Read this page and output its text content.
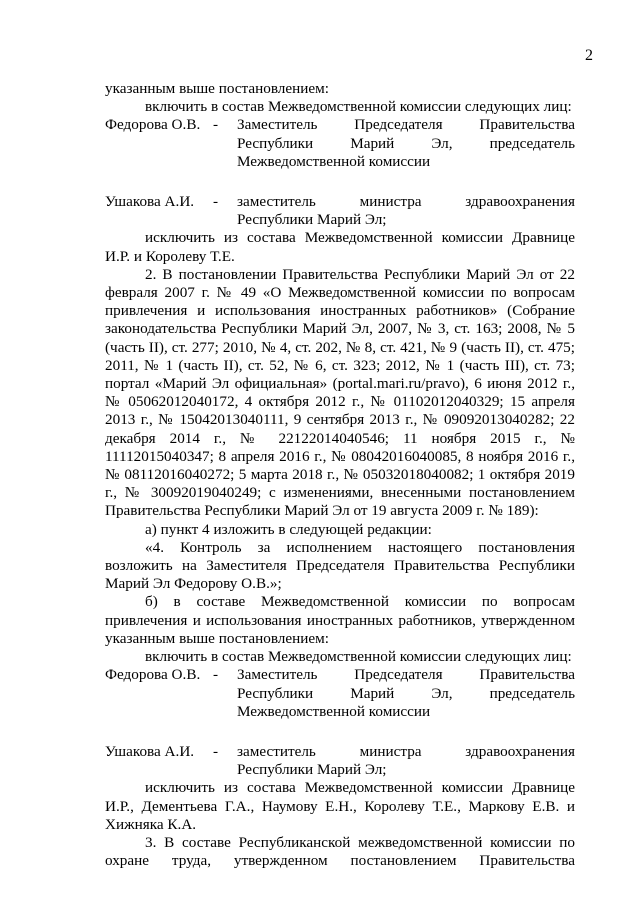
2

указанным выше постановлением:

включить в состав Межведомственной комиссии следующих лиц:

Федорова О.В. -	Заместитель Председателя Правительства Республики Марий Эл, председатель Межведомственной комиссии
Ушакова А.И.	-	заместитель министра здравоохранения Республики Марий Эл;

исключить из состава Межведомственной комиссии Дравнице И.Р. и Королеву Т.Е.

2. В постановлении Правительства Республики Марий Эл от 22 февраля 2007 г. № 49 «О Межведомственной комиссии по вопросам привлечения и использования иностранных работников» (Собрание законодательства Республики Марий Эл, 2007, № 3, ст. 163; 2008, № 5 (часть II), ст. 277; 2010, № 4, ст. 202, № 8, ст. 421, № 9 (часть II), ст. 475; 2011, № 1 (часть II), ст. 52, № 6, ст. 323; 2012, № 1 (часть III), ст. 73; портал «Марий Эл официальная» (portal.mari.ru/pravo), 6 июня 2012 г., № 05062012040172, 4 октября 2012 г., № 01102012040329; 15 апреля 2013 г., № 15042013040111, 9 сентября 2013 г., № 09092013040282; 22 декабря 2014 г., № 22122014040546; 11 ноября 2015 г., № 11112015040347; 8 апреля 2016 г., № 08042016040085, 8 ноября 2016 г., № 08112016040272; 5 марта 2018 г., № 05032018040082; 1 октября 2019 г., № 30092019040249; с изменениями, внесенными постановлением Правительства Республики Марий Эл от 19 августа 2009 г. № 189):

а) пункт 4 изложить в следующей редакции:

«4. Контроль за исполнением настоящего постановления возложить на Заместителя Председателя Правительства Республики Марий Эл Федорову О.В.»;

б) в составе Межведомственной комиссии по вопросам привлечения и использования иностранных работников, утвержденном указанным выше постановлением:

включить в состав Межведомственной комиссии следующих лиц:

Федорова О.В. -	Заместитель Председателя Правительства Республики Марий Эл, председатель Межведомственной комиссии
Ушакова А.И.	-	заместитель министра здравоохранения Республики Марий Эл;

исключить из состава Межведомственной комиссии Дравнице И.Р., Дементьева Г.А., Наумову Е.Н., Королеву Т.Е., Маркову Е.В. и Хижняка К.А.

3. В составе Республиканской межведомственной комиссии по охране труда, утвержденном постановлением Правительства
